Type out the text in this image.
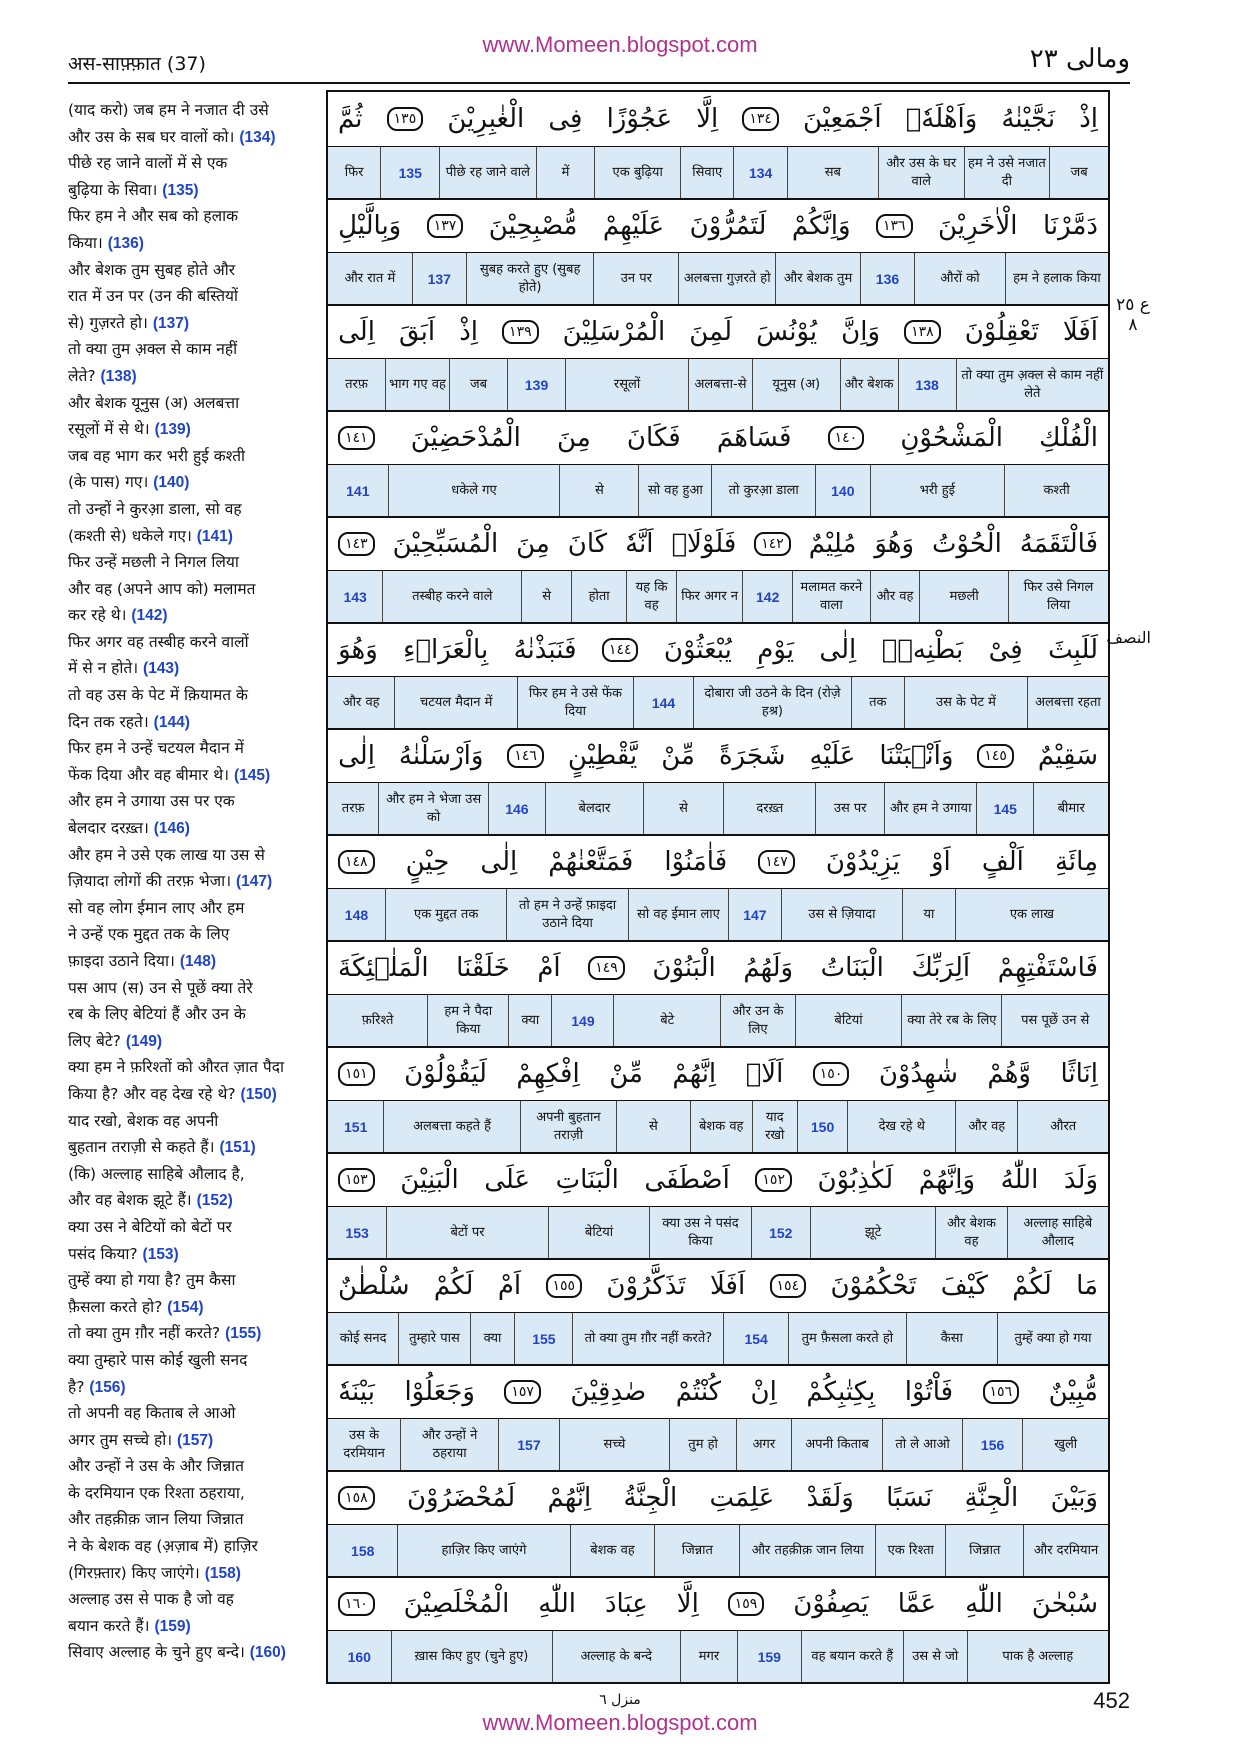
www.Momeen.blogspot.com
अस-साफ़्फ़ात (37)	ومالی ٢٣
(याद करो) जब हम ने नजात दी उसे
और उस के सब घर वालों को। (134)
पीछे रह जाने वालों में से एक
बुढ़िया के सिवा। (135)
फिर हम ने और सब को हलाक
किया। (136)
और बेशक तुम सुबह होते और
रात में उन पर (उन की बस्तियों
से) गुज़रते हो। (137)
तो क्या तुम अ़क्ल से काम नहीं
लेते? (138)
और बेशक यूनुस (अ) अलबत्ता
रसूलों में से थे। (139)
जब वह भाग कर भरी हुई कश्ती
(के पास) गए। (140)
तो उन्हों ने कुरआ़ डाला, सो वह
(कश्ती से) धकेले गए। (141)
फिर उन्हें मछली ने निगल लिया
और वह (अपने आप को) मलामत
कर रहे थे। (142)
फिर अगर वह तस्बीह करने वालों
में से न होते। (143)
तो वह उस के पेट में क़ियामत के
दिन तक रहते। (144)
फिर हम ने उन्हें चटयल मैदान में
फेंक दिया और वह बीमार थे। (145)
और हम ने उगाया उस पर एक
बेलदार दरख़्त। (146)
और हम ने उसे एक लाख या उस से
ज़ियादा लोगों की तरफ़ भेजा। (147)
सो वह लोग ईमान लाए और हम
ने उन्हें एक मुद्दत तक के लिए
फ़ाइदा उठाने दिया। (148)
पस आप (स) उन से पूछें क्या तेरे
रब के लिए बेटियां हैं और उन के
लिए बेटे? (149)
क्या हम ने फ़रिश्तों को औरत ज़ात पैदा
किया है? और वह देख रहे थे? (150)
याद रखो, बेशक वह अपनी
बुहतान तराज़ी से कहते हैं। (151)
(कि) अल्लाह साहिबे औलाद है,
और वह बेशक झूटे हैं। (152)
क्या उस ने बेटियों को बेटों पर
पसंद किया? (153)
तुम्हें क्या हो गया है? तुम कैसा
फ़ैसला करते हो? (154)
तो क्या तुम ग़ौर नहीं करते? (155)
क्या तुम्हारे पास कोई खुली सनद
है? (156)
तो अपनी वह किताब ले आओ
अगर तुम सच्चे हो। (157)
और उन्हों ने उस के और जिन्नात
के दरमियान एक रिश्ता ठहराया,
और तहक़ीक़ जान लिया जिन्नात
ने के बेशक वह (अ़ज़ाब में) हाज़िर
(गिरफ़्तार) किए जाएंगे। (158)
अल्लाह उस से पाक है जो वह
बयान करते हैं। (159)
सिवाए अल्लाह के चुने हुए बन्दे। (160)
اِذْ
نَجَّيْنٰهُ
وَاَهْلَهٗۤ
اَجْمَعِيْنَ
١٣٤
اِلَّا
عَجُوْزًا
فِى
الْغٰبِرِيْنَ
١٣٥
ثُمَّ
जब
हम ने उसे नजात दी
और उस के घर वाले
सब
134
सिवाए
एक बुढ़िया
में
पीछे रह जाने वाले
135
फिर
دَمَّرْنَا
الْاٰخَرِيْنَ
١٣٦
وَاِنَّكُمْ
لَتَمُرُّوْنَ
عَلَيْهِمْ
مُّصْبِحِيْنَ
١٣٧
وَبِالَّيْلِ
हम ने हलाक किया
औरों को
136
और बेशक तुम
अलबत्ता गुज़रते हो
उन पर
सुबह करते हुए (सुबह होते)
137
और रात में
اَفَلَا
تَعْقِلُوْنَ
١٣٨
وَاِنَّ
يُوْنُسَ
لَمِنَ
الْمُرْسَلِيْنَ
١٣٩
اِذْ
اَبَقَ
اِلَى
तो क्या तुम अ़क्ल से काम नहीं लेते
138
और बेशक
यूनुस (अ)
अलबत्ता-से
रसूलों
139
जब
भाग गए वह
तरफ़
الْفُلْكِ
الْمَشْحُوْنِ
١٤٠
فَسَاهَمَ
فَكَانَ
مِنَ
الْمُدْحَضِيْنَ
١٤١
कश्ती
भरी हुई
140
तो कुरआ़ डाला
सो वह हुआ
से
धकेले गए
141
فَالْتَقَمَهُ
الْحُوْتُ
وَهُوَ
مُلِيْمٌ
١٤٢
فَلَوْلَاۤ
اَنَّهٗ
كَانَ
مِنَ
الْمُسَبِّحِيْنَ
١٤٣
फिर उसे निगल लिया
मछली
और वह
मलामत करने वाला
142
फिर अगर न
यह कि वह
होता
से
तस्बीह करने वाले
143
لَلَبِثَ
فِىْ
بَطْنِهٖۤ
اِلٰى
يَوْمِ
يُبْعَثُوْنَ
١٤٤
فَنَبَذْنٰهُ
بِالْعَرَاۤءِ
وَهُوَ
अलबत्ता रहता
उस के पेट में
तक
दोबारा जी उठने के दिन (रोज़े हश्र)
144
फिर हम ने उसे फेंक दिया
चटयल मैदान में
और वह
سَقِيْمٌ
١٤٥
وَاَنْۢبَتْنَا
عَلَيْهِ
شَجَرَةً
مِّنْ
يَّقْطِيْنٍ
١٤٦
وَاَرْسَلْنٰهُ
اِلٰى
बीमार
145
और हम ने उगाया
उस पर
दरख़्त
से
बेलदार
146
और हम ने भेजा उस को
तरफ़
مِائَةِ
اَلْفٍ
اَوْ
يَزِيْدُوْنَ
١٤٧
فَاٰمَنُوْا
فَمَتَّعْنٰهُمْ
اِلٰى
حِيْنٍ
١٤٨
एक लाख
या
उस से ज़ियादा
147
सो वह ईमान लाए
तो हम ने उन्हें फ़ाइदा उठाने दिया
एक मुद्दत तक
148
فَاسْتَفْتِهِمْ
اَلِرَبِّكَ
الْبَنَاتُ
وَلَهُمُ
الْبَنُوْنَ
١٤٩
اَمْ
خَلَقْنَا
الْمَلٰۤئِكَةَ
पस पूछें उन से
क्या तेरे रब के लिए
बेटियां
और उन के लिए
बेटे
149
क्या
हम ने पैदा किया
फ़रिश्ते
اِنَاثًا
وَّهُمْ
شٰهِدُوْنَ
١٥٠
اَلَاۤ
اِنَّهُمْ
مِّنْ
اِفْكِهِمْ
لَيَقُوْلُوْنَ
١٥١
औरत
और वह
देख रहे थे
150
याद रखो
बेशक वह
से
अपनी बुहतान तराज़ी
अलबत्ता कहते हैं
151
وَلَدَ
اللّٰهُ
وَاِنَّهُمْ
لَكٰذِبُوْنَ
١٥٢
اَصْطَفَى
الْبَنَاتِ
عَلَى
الْبَنِيْنَ
١٥٣
अल्लाह साहिबे औलाद
और बेशक वह
झूटे
152
क्या उस ने पसंद किया
बेटियां
बेटों पर
153
مَا
لَكُمْ
كَيْفَ
تَحْكُمُوْنَ
١٥٤
اَفَلَا
تَذَكَّرُوْنَ
١٥٥
اَمْ
لَكُمْ
سُلْطٰنٌ
तुम्हें क्या हो गया
कैसा
तुम फ़ैसला करते हो
154
तो क्या तुम ग़ौर नहीं करते?
155
क्या
तुम्हारे पास
कोई सनद
مُّبِيْنٌ
١٥٦
فَاْتُوْا
بِكِتٰبِكُمْ
اِنْ
كُنْتُمْ
صٰدِقِيْنَ
١٥٧
وَجَعَلُوْا
بَيْنَهٗ
खुली
156
तो ले आओ
अपनी किताब
अगर
तुम हो
सच्चे
157
और उन्हों ने ठहराया
उस के दरमियान
وَبَيْنَ
الْجِنَّةِ
نَسَبًا
وَلَقَدْ
عَلِمَتِ
الْجِنَّةُ
اِنَّهُمْ
لَمُحْضَرُوْنَ
١٥٨
और दरमियान
जिन्नात
एक रिश्ता
और तहक़ीक़ जान लिया
जिन्नात
बेशक वह
हाज़िर किए जाएंगे
158
سُبْحٰنَ
اللّٰهِ
عَمَّا
يَصِفُوْنَ
١٥٩
اِلَّا
عِبَادَ
اللّٰهِ
الْمُخْلَصِيْنَ
١٦٠
पाक है अल्लाह
उस से जो
वह बयान करते हैं
159
मगर
अल्लाह के बन्दे
ख़ास किए हुए (चुने हुए)
160
ع ٢٥ ٨
النصف
منزل ٦	452
www.Momeen.blogspot.com
